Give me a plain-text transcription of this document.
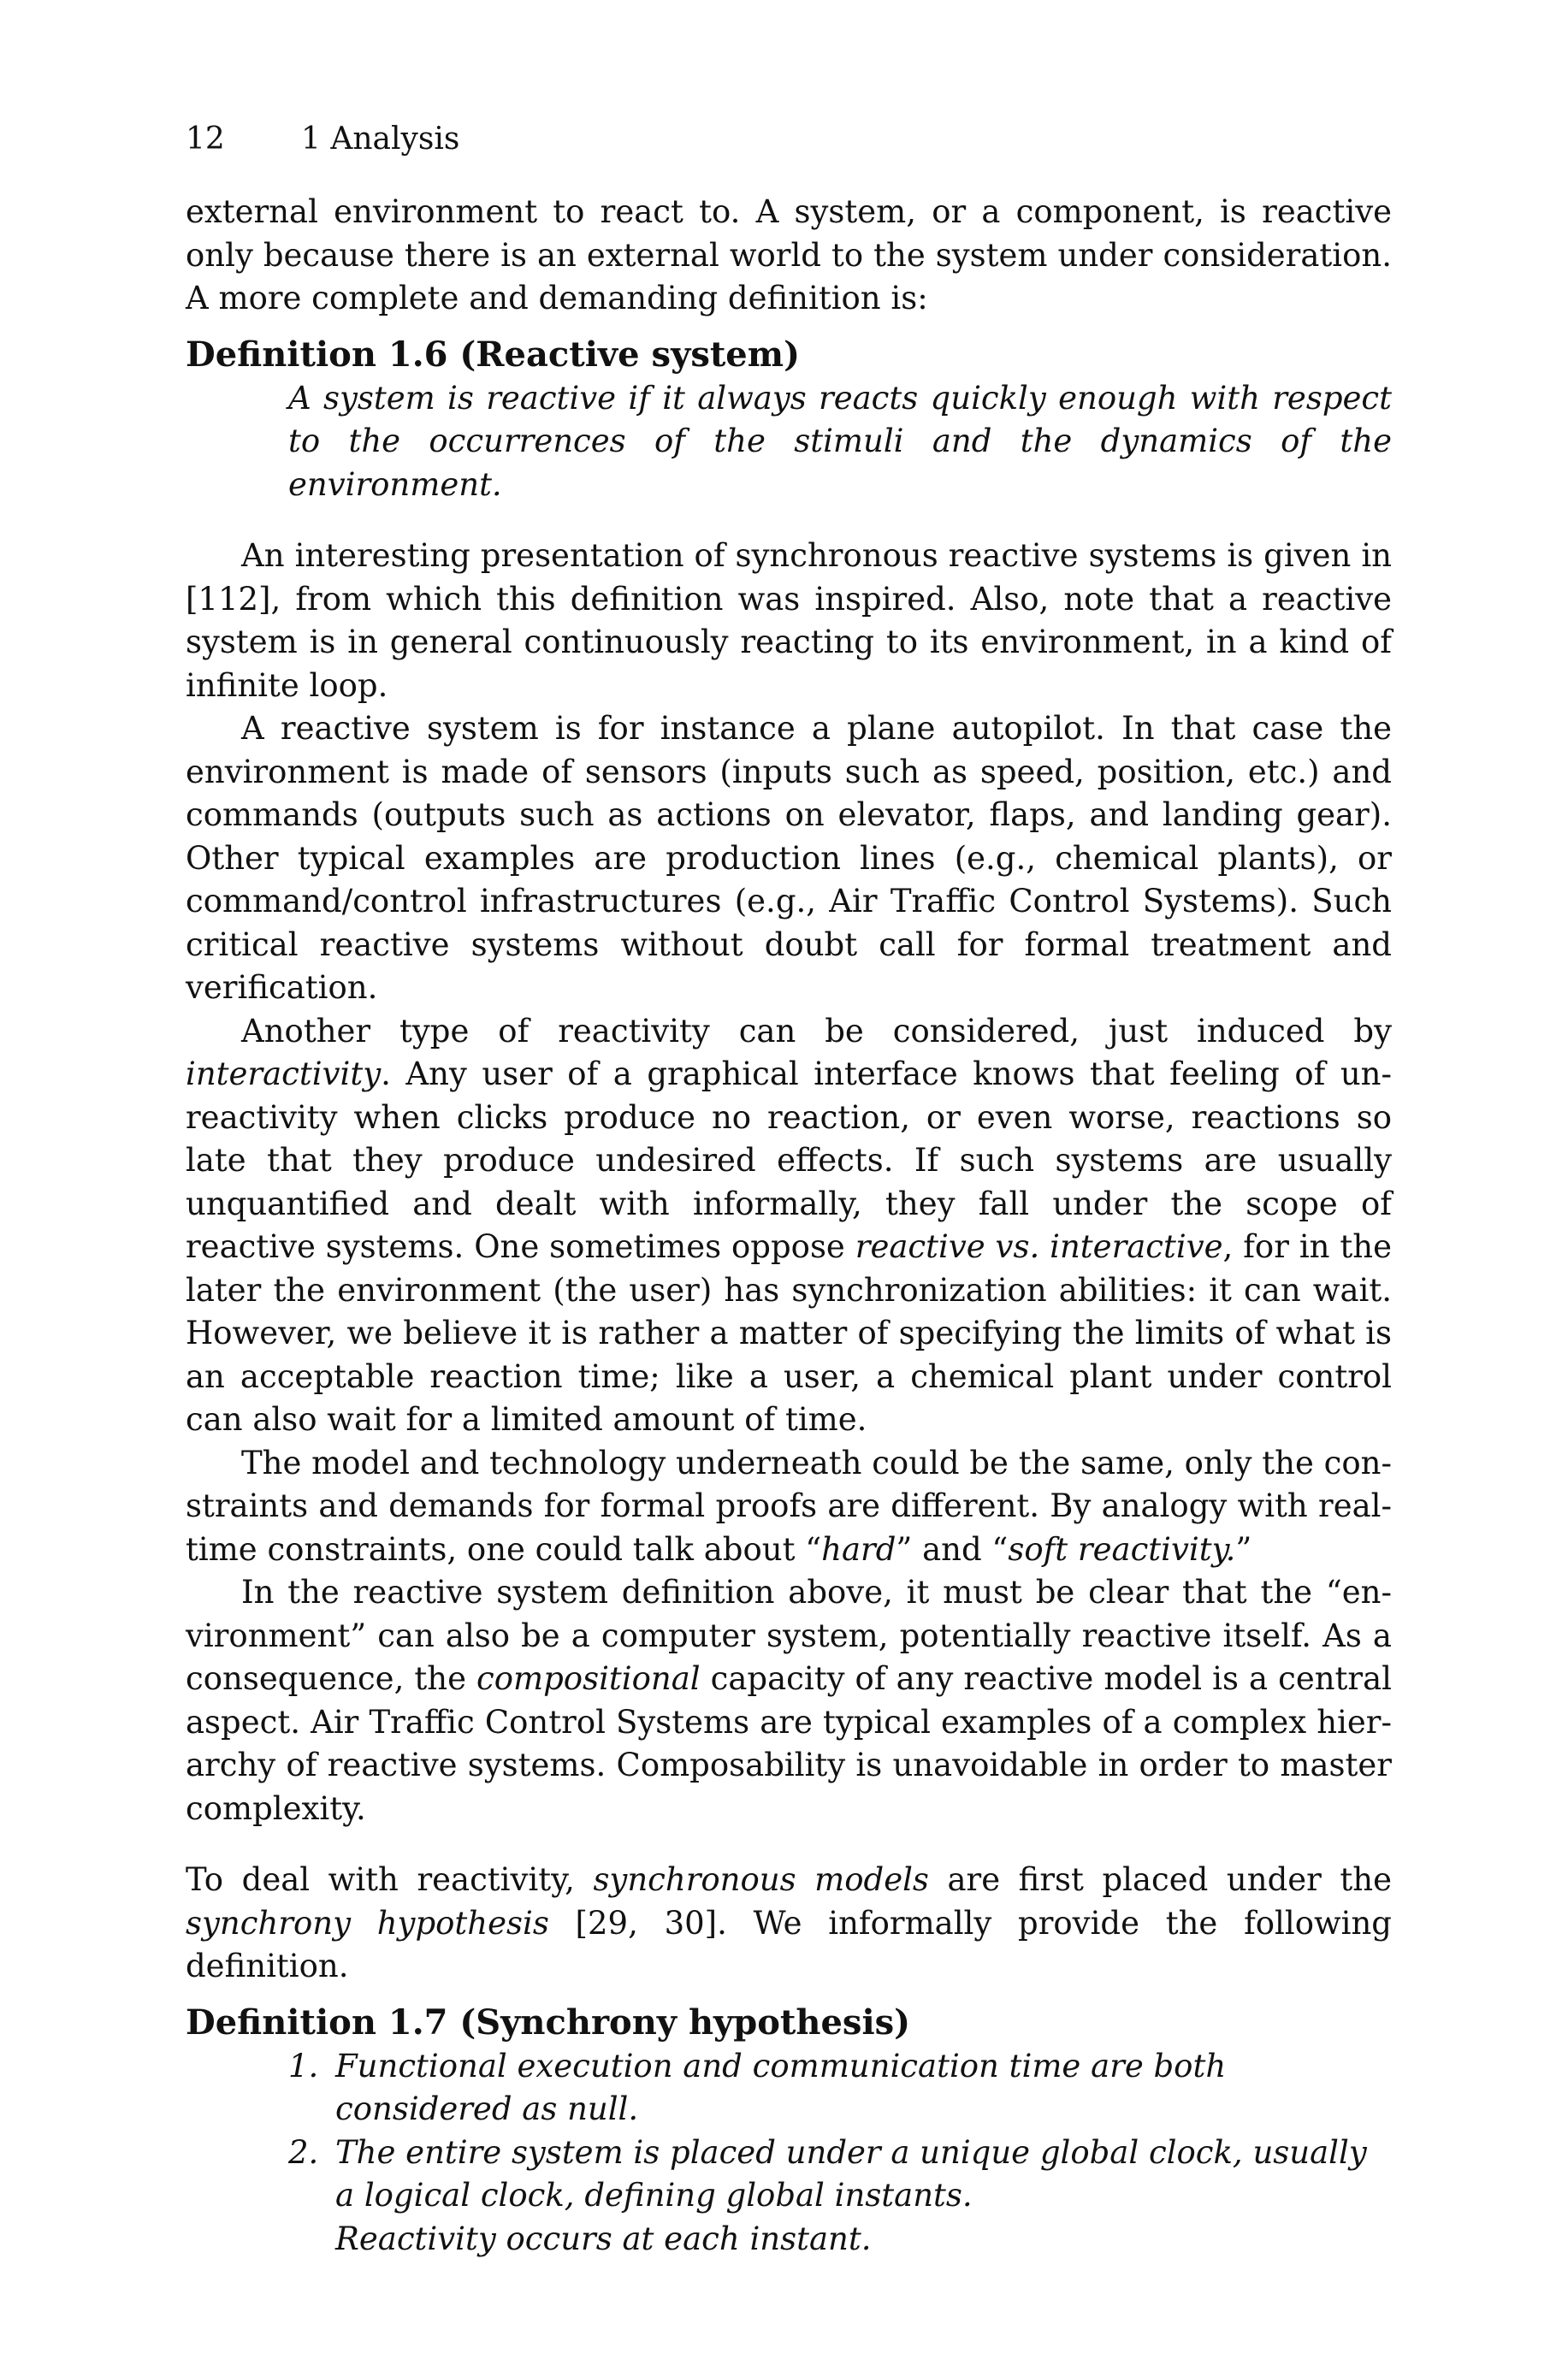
12 1 Analysis

external environment to react to. A system, or a component, is reactive only because there is an external world to the system under consideration. A more complete and demanding definition is:

Definition 1.6 (Reactive system)
A system is reactive if it always reacts quickly enough with respect to the occurrences of the stimuli and the dynamics of the environment.

An interesting presentation of synchronous reactive systems is given in [112], from which this definition was inspired. Also, note that a reactive system is in general continuously reacting to its environment, in a kind of infinite loop.

A reactive system is for instance a plane autopilot. In that case the environment is made of sensors (inputs such as speed, position, etc.) and commands (outputs such as actions on elevator, flaps, and landing gear). Other typical examples are production lines (e.g., chemical plants), or command/control infrastructures (e.g., Air Traffic Control Systems). Such critical reactive systems without doubt call for formal treatment and verification.

Another type of reactivity can be considered, just induced by interactivity. Any user of a graphical interface knows that feeling of un-reactivity when clicks produce no reaction, or even worse, reactions so late that they produce undesired effects. If such systems are usually unquantified and dealt with informally, they fall under the scope of reactive systems. One sometimes oppose reactive vs. interactive, for in the later the environment (the user) has synchronization abilities: it can wait. However, we believe it is rather a matter of specifying the limits of what is an acceptable reaction time; like a user, a chemical plant under control can also wait for a limited amount of time.

The model and technology underneath could be the same, only the constraints and demands for formal proofs are different. By analogy with real-time constraints, one could talk about “hard” and “soft reactivity.”

In the reactive system definition above, it must be clear that the “environment” can also be a computer system, potentially reactive itself. As a consequence, the compositional capacity of any reactive model is a central aspect. Air Traffic Control Systems are typical examples of a complex hierarchy of reactive systems. Composability is unavoidable in order to master complexity.

To deal with reactivity, synchronous models are first placed under the synchrony hypothesis [29, 30]. We informally provide the following definition.

Definition 1.7 (Synchrony hypothesis)
1. Functional execution and communication time are both considered as null.
2. The entire system is placed under a unique global clock, usually a logical clock, defining global instants.
Reactivity occurs at each instant.
